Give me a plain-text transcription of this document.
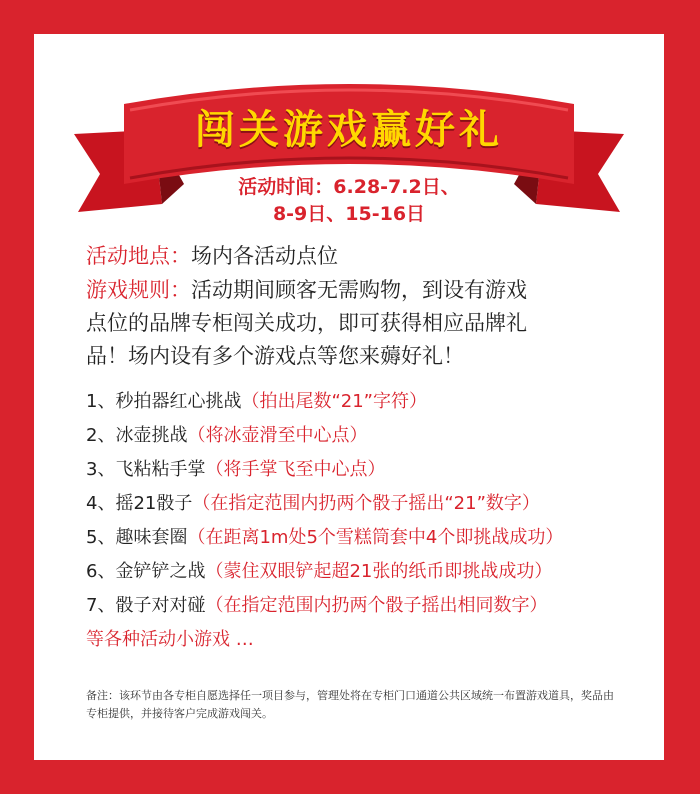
闯关游戏赢好礼
活动时间：6.28-7.2日、
8-9日、15-16日
活动地点：场内各活动点位
游戏规则：活动期间顾客无需购物，到设有游戏
点位的品牌专柜闯关成功，即可获得相应品牌礼
品！场内设有多个游戏点等您来薅好礼！
1、秒拍器红心挑战（拍出尾数“21”字符）
2、冰壶挑战（将冰壶滑至中心点）
3、飞粘粘手掌（将手掌飞至中心点）
4、摇21骰子（在指定范围内扔两个骰子摇出“21”数字）
5、趣味套圈（在距离1m处5个雪糕筒套中4个即挑战成功）
6、金铲铲之战（蒙住双眼铲起超21张的纸币即挑战成功）
7、骰子对对碰（在指定范围内扔两个骰子摇出相同数字）
等各种活动小游戏 …
备注：该环节由各专柜自愿选择任一项目参与，管理处将在专柜门口通道公共区域统一布置游戏道具，奖品由
专柜提供，并接待客户完成游戏闯关。
